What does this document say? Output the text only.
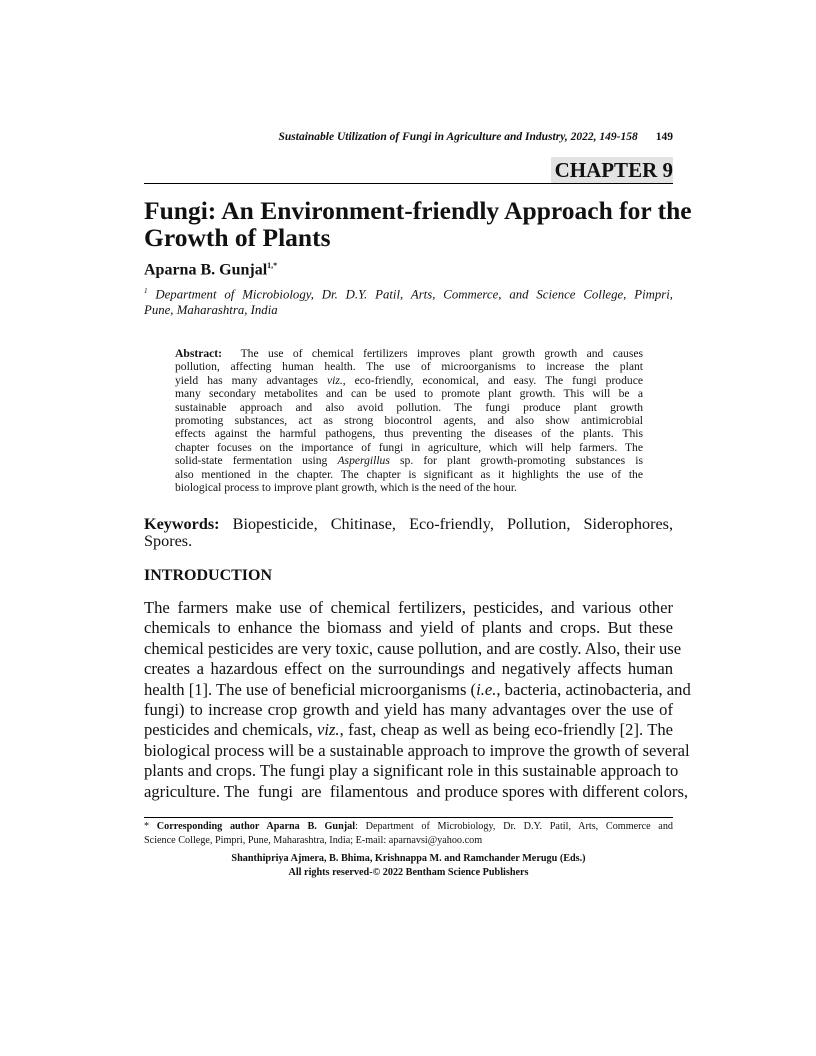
Sustainable Utilization of Fungi in Agriculture and Industry, 2022, 149-158 149
CHAPTER 9
Fungi: An Environment-friendly Approach for the
Growth of Plants
Aparna B. Gunjal$^{1,*}$
$^1$ Department of Microbiology, Dr. D.Y. Patil, Arts, Commerce, and Science College, Pimpri,
Pune, Maharashtra, India
Abstract:  The use of chemical fertilizers improves plant growth growth and causes
pollution, affecting human health. The use of microorganisms to increase the plant
yield has many advantages viz., eco-friendly, economical, and easy. The fungi produce
many secondary metabolites and can be used to promote plant growth. This will be a
sustainable approach and also avoid pollution. The fungi produce plant growth
promoting substances, act as strong biocontrol agents, and also show antimicrobial
effects against the harmful pathogens, thus preventing the diseases of the plants. This
chapter focuses on the importance of fungi in agriculture, which will help farmers. The
solid-state fermentation using Aspergillus sp. for plant growth-promoting substances is
also mentioned in the chapter. The chapter is significant as it highlights the use of the
biological process to improve plant growth, which is the need of the hour.
Keywords: Biopesticide, Chitinase, Eco-friendly, Pollution, Siderophores,
Spores.
INTRODUCTION
The farmers make use of chemical fertilizers, pesticides, and various other
chemicals to enhance the biomass and yield of plants and crops. But these
chemical pesticides are very toxic, cause pollution, and are costly. Also, their use
creates a hazardous effect on the surroundings and negatively affects human
health [1]. The use of beneficial microorganisms (i.e., bacteria, actinobacteria, and
fungi) to increase crop growth and yield has many advantages over the use of
pesticides and chemicals, viz., fast, cheap as well as being eco-friendly [2]. The
biological process will be a sustainable approach to improve the growth of several
plants and crops. The fungi play a significant role in this sustainable approach to
agriculture. The  fungi  are  filamentous  and produce spores with different colors,
* Corresponding author Aparna B. Gunjal: Department of Microbiology, Dr. D.Y. Patil, Arts, Commerce and
Science College, Pimpri, Pune, Maharashtra, India; E-mail: aparnavsi@yahoo.com
Shanthipriya Ajmera, B. Bhima, Krishnappa M. and Ramchander Merugu (Eds.)
All rights reserved-© 2022 Bentham Science Publishers
